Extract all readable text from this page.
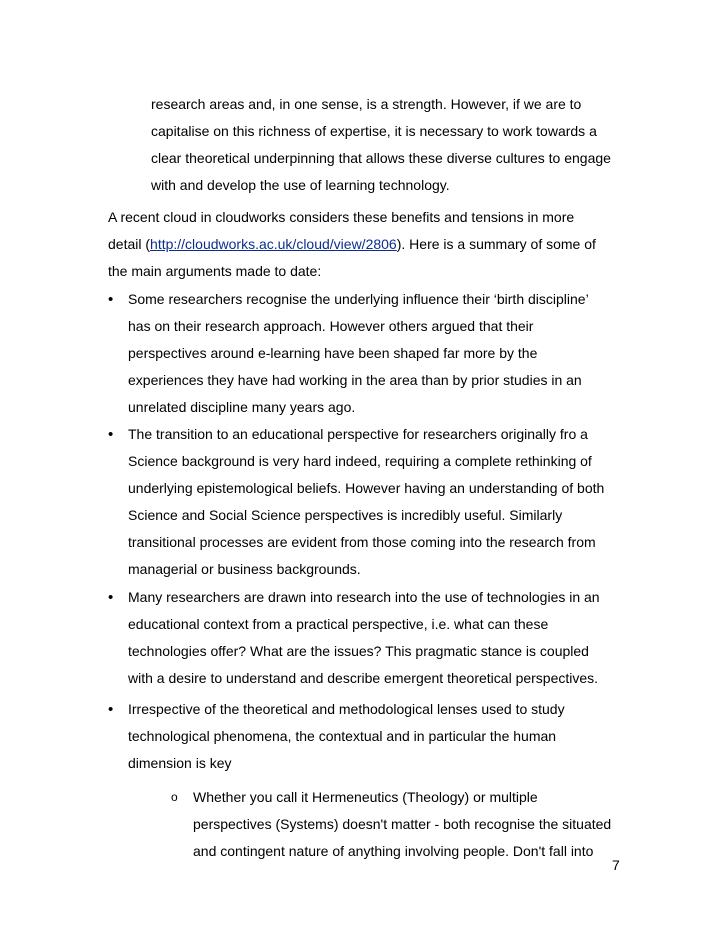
research areas and, in one sense, is a strength. However, if we are to
capitalise on this richness of expertise, it is necessary to work towards a
clear theoretical underpinning that allows these diverse cultures to engage
with and develop the use of learning technology.
A recent cloud in cloudworks considers these benefits and tensions in more
detail (http://cloudworks.ac.uk/cloud/view/2806). Here is a summary of some of
the main arguments made to date:
•	Some researchers recognise the underlying influence their ‘birth discipline’
has on their research approach. However others argued that their
perspectives around e-learning have been shaped far more by the
experiences they have had working in the area than by prior studies in an
unrelated discipline many years ago.
•	The transition to an educational perspective for researchers originally fro a
Science background is very hard indeed, requiring a complete rethinking of
underlying epistemological beliefs. However having an understanding of both
Science and Social Science perspectives is incredibly useful. Similarly
transitional processes are evident from those coming into the research from
managerial or business backgrounds.
•	Many researchers are drawn into research into the use of technologies in an
educational context from a practical perspective, i.e. what can these
technologies offer? What are the issues? This pragmatic stance is coupled
with a desire to understand and describe emergent theoretical perspectives.
•	Irrespective of the theoretical and methodological lenses used to study
technological phenomena, the contextual and in particular the human
dimension is key
o Whether you call it Hermeneutics (Theology) or multiple
perspectives (Systems) doesn't matter - both recognise the situated
and contingent nature of anything involving people. Don't fall into
7
